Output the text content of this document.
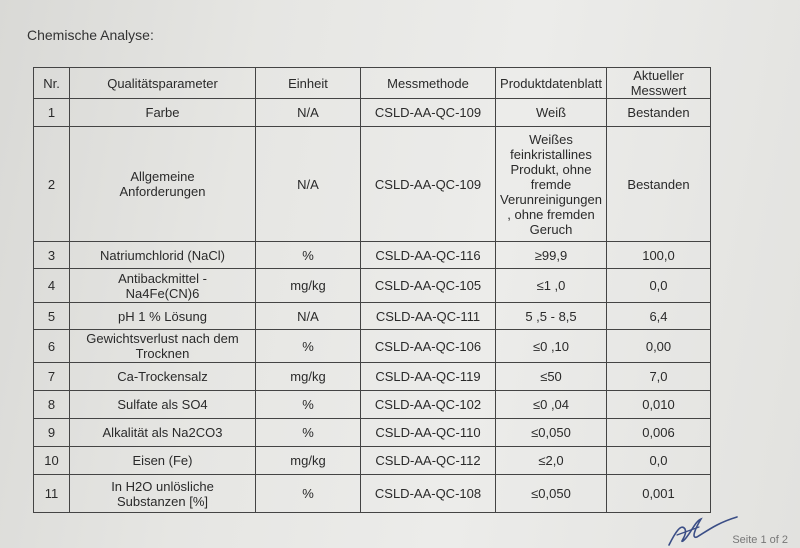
Chemische Analyse:
Nr.	Qualitätsparameter	Einheit	Messmethode	Produktdatenblatt	Aktueller Messwert
1	Farbe	N/A	CSLD-AA-QC-109	Weiß	Bestanden
2	Allgemeine Anforderungen	N/A	CSLD-AA-QC-109	Weißes feinkristallines Produkt, ohne fremde Verunreinigungen , ohne fremden Geruch	Bestanden
3	Natriumchlorid (NaCl)	%	CSLD-AA-QC-116	≥99,9	100,0
4	Antibackmittel - Na4Fe(CN)6	mg/kg	CSLD-AA-QC-105	≤1 ,0	0,0
5	pH 1 % Lösung	N/A	CSLD-AA-QC-111	5 ,5 - 8,5	6,4
6	Gewichtsverlust nach dem Trocknen	%	CSLD-AA-QC-106	≤0 ,10	0,00
7	Ca-Trockensalz	mg/kg	CSLD-AA-QC-119	≤50	7,0
8	Sulfate als SO4	%	CSLD-AA-QC-102	≤0 ,04	0,010
9	Alkalität als Na2CO3	%	CSLD-AA-QC-110	≤0,050	0,006
10	Eisen (Fe)	mg/kg	CSLD-AA-QC-112	≤2,0	0,0
11	In H2O unlösliche Substanzen [%]	%	CSLD-AA-QC-108	≤0,050	0,001
Seite 1 of 2
